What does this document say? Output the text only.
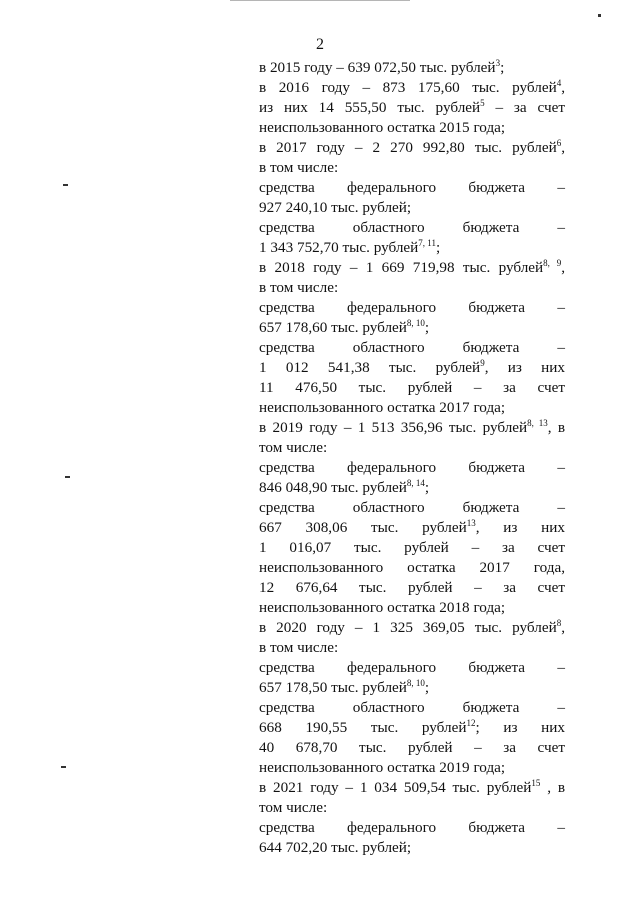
2
в 2015 году – 639 072,50 тыс. рублей$^3$;
в 2016 году – 873 175,60 тыс. рублей$^4$,
из них 14 555,50 тыс. рублей$^5$ – за счет
неиспользованного остатка 2015 года;
в 2017 году – 2 270 992,80 тыс. рублей$^6$,
в том числе:
средства федерального бюджета –
927 240,10 тыс. рублей;
средства областного бюджета –
1 343 752,70 тыс. рублей$^{7, 11}$;
в 2018 году – 1 669 719,98 тыс. рублей$^{8, 9}$,
в том числе:
средства федерального бюджета –
657 178,60 тыс. рублей$^{8, 10}$;
средства областного бюджета –
1 012 541,38 тыс. рублей$^9$, из них
11 476,50 тыс. рублей – за счет
неиспользованного остатка 2017 года;
в 2019 году – 1 513 356,96 тыс. рублей$^{8, 13}$, в
том числе:
средства федерального бюджета –
846 048,90 тыс. рублей$^{8, 14}$;
средства областного бюджета –
667 308,06 тыс. рублей$^{13}$, из них
1 016,07 тыс. рублей – за счет
неиспользованного остатка 2017 года,
12 676,64 тыс. рублей – за счет
неиспользованного остатка 2018 года;
в 2020 году – 1 325 369,05 тыс. рублей$^8$,
в том числе:
средства федерального бюджета –
657 178,50 тыс. рублей$^{8, 10}$;
средства областного бюджета –
668 190,55 тыс. рублей$^{12}$; из них
40 678,70 тыс. рублей – за счет
неиспользованного остатка 2019 года;
в 2021 году – 1 034 509,54 тыс. рублей$^{15}$ , в
том числе:
средства федерального бюджета –
644 702,20 тыс. рублей;
